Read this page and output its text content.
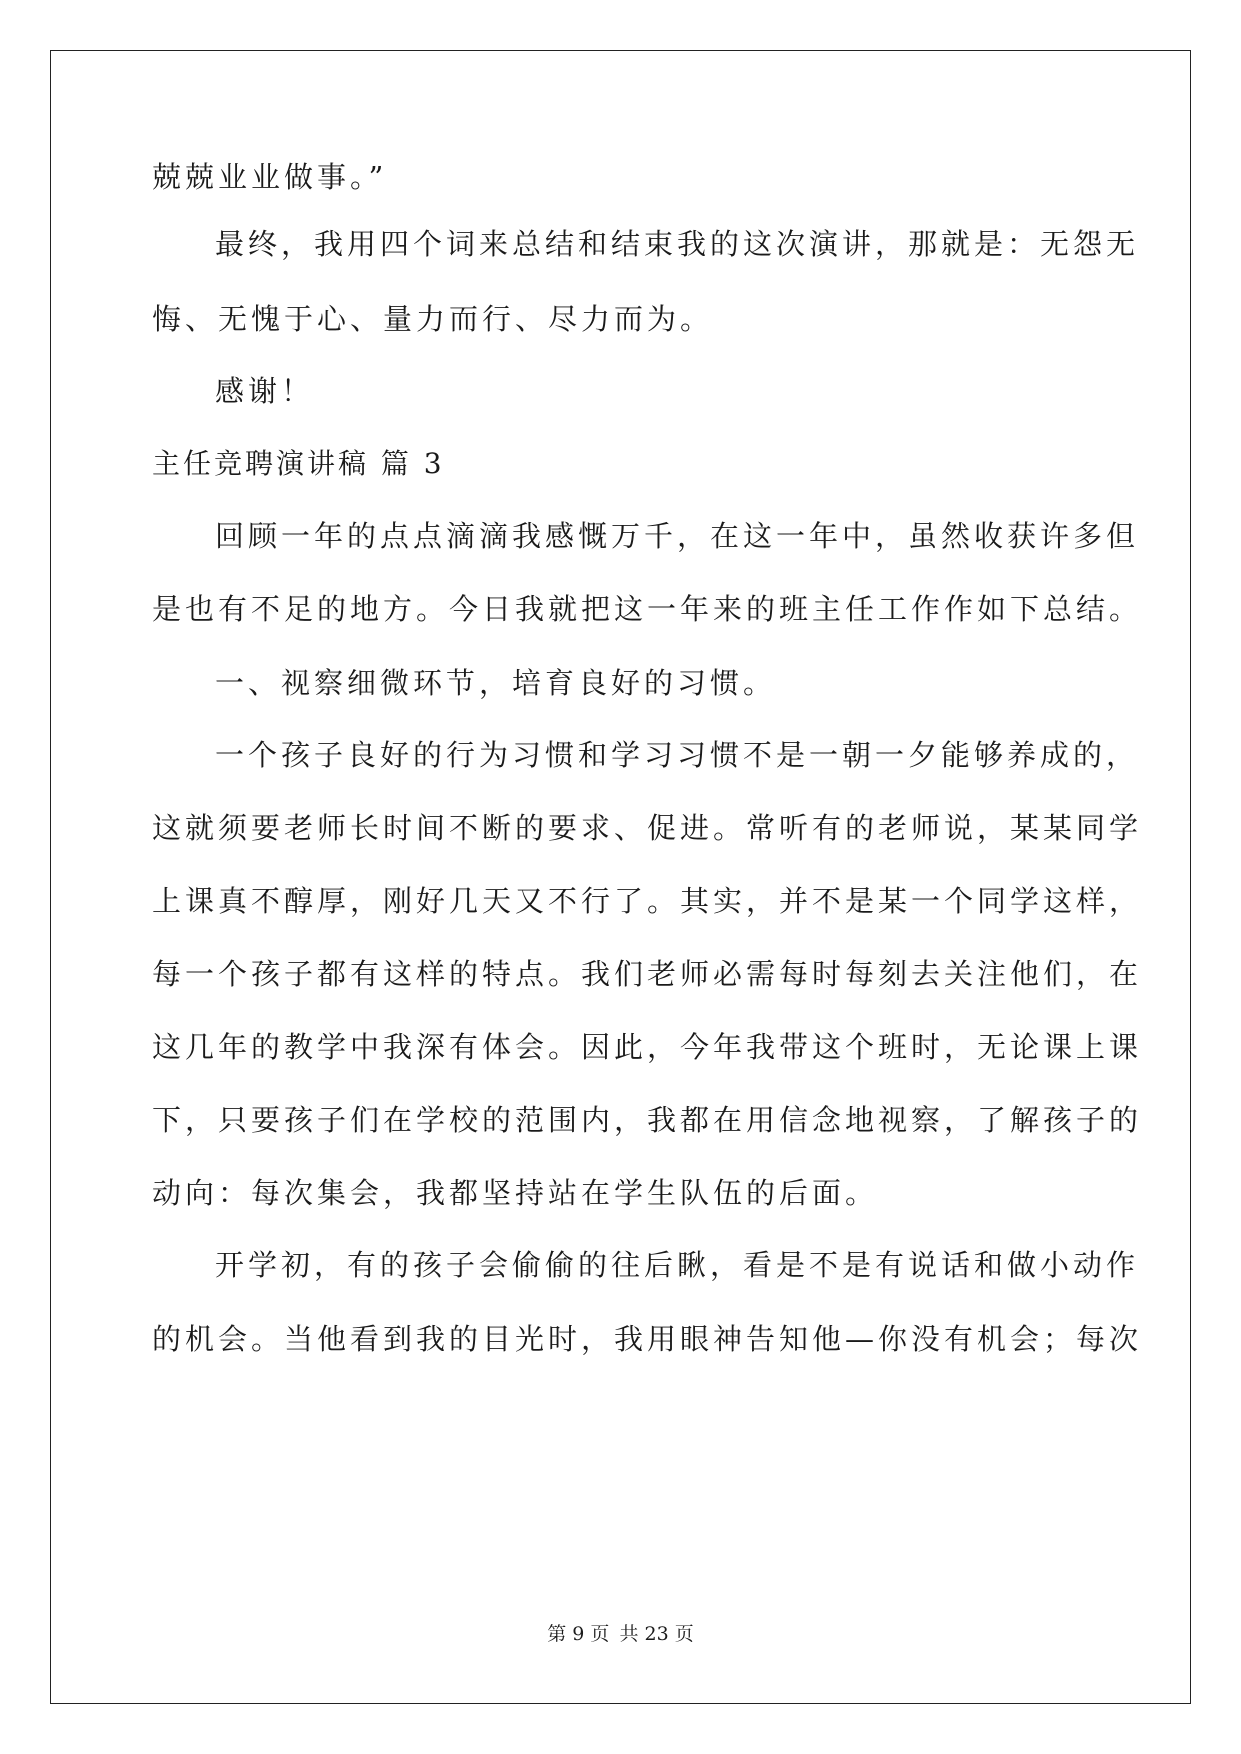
兢兢业业做事。”
最终，我用四个词来总结和结束我的这次演讲，那就是：无怨无
悔、无愧于心、量力而行、尽力而为。
感谢！
主任竞聘演讲稿 篇 3
回顾一年的点点滴滴我感慨万千，在这一年中，虽然收获许多但
是也有不足的地方。今日我就把这一年来的班主任工作作如下总结。
一、视察细微环节，培育良好的习惯。
一个孩子良好的行为习惯和学习习惯不是一朝一夕能够养成的，
这就须要老师长时间不断的要求、促进。常听有的老师说，某某同学
上课真不醇厚，刚好几天又不行了。其实，并不是某一个同学这样，
每一个孩子都有这样的特点。我们老师必需每时每刻去关注他们，在
这几年的教学中我深有体会。因此，今年我带这个班时，无论课上课
下，只要孩子们在学校的范围内，我都在用信念地视察，了解孩子的
动向：每次集会，我都坚持站在学生队伍的后面。
开学初，有的孩子会偷偷的往后瞅，看是不是有说话和做小动作
的机会。当他看到我的目光时，我用眼神告知他—你没有机会；每次
第 9 页 共 23 页
